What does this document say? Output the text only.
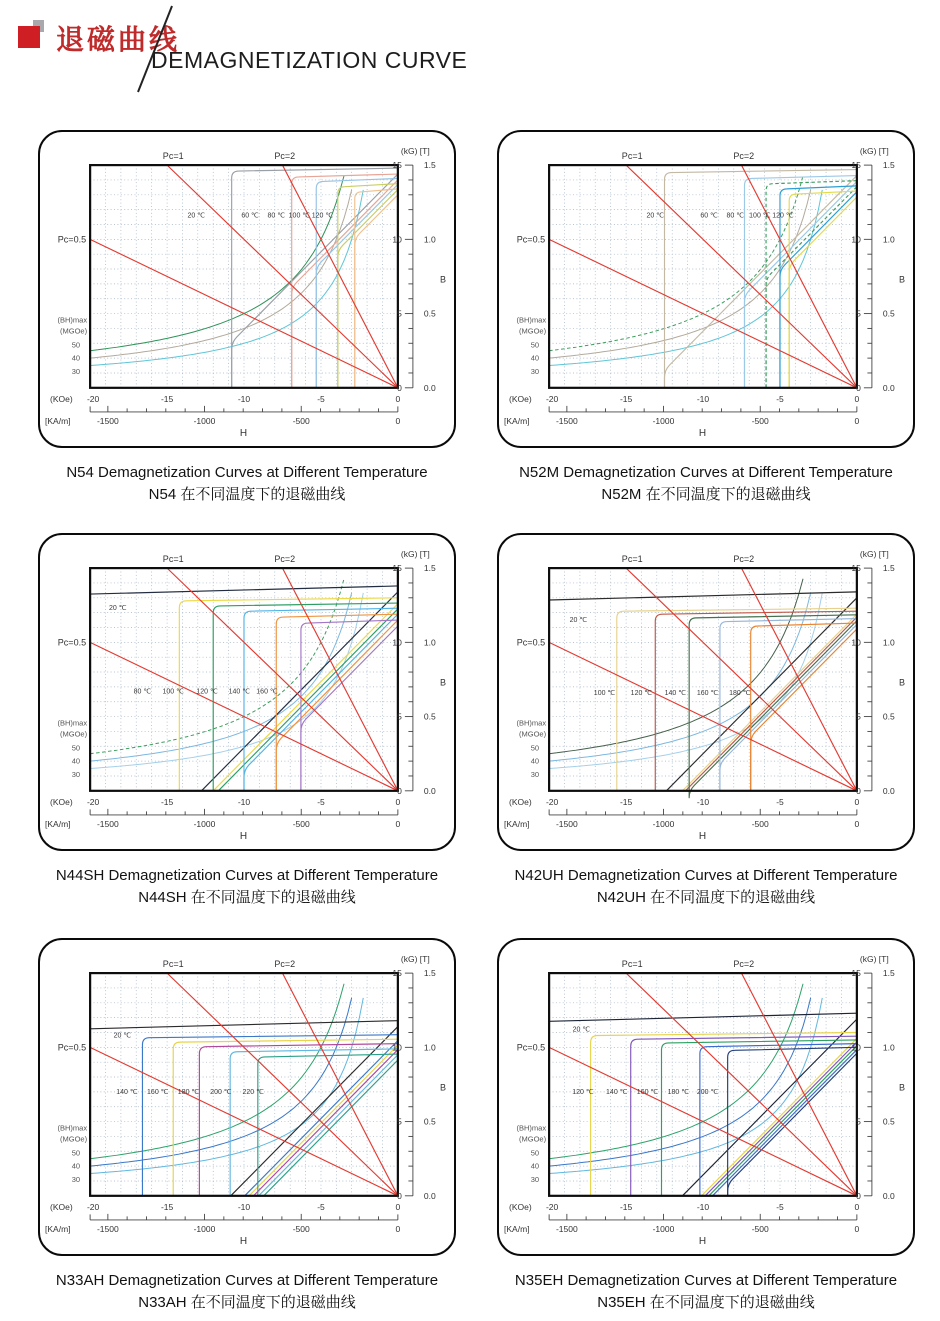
退磁曲线
DEMAGNETIZATION CURVE
0	0.0
5	0.5
10	1.0
15	1.5
B
(kG) [T]
Pc=1	Pc=2
Pc=0.5
(BH)max
(MGOe)
50
40
30
(KOe) -20	-15	-10	-5	0
[KA/m]	-1500	-1000	-500	0
H
20 ℃	60 ℃ 80 ℃ 100 ℃ 120 ℃
N54 Demagnetization Curves at Different Temperature
N54 在不同温度下的退磁曲线
0	0.0
5	0.5
10	1.0
15	1.5
B
(kG) [T]
Pc=1	Pc=2
Pc=0.5
(BH)max
(MGOe)
50
40
30
(KOe) -20	-15	-10	-5	0
[KA/m]	-1500	-1000	-500	0
H
20 ℃	60 ℃ 80 ℃ 100 ℃ 120 ℃
N52M Demagnetization Curves at Different Temperature
N52M 在不同温度下的退磁曲线
0	0.0
5	0.5
10	1.0
15	1.5
B
(kG) [T]
Pc=1	Pc=2
Pc=0.5
(BH)max
(MGOe)
50
40
30
(KOe) -20	-15	-10	-5	0
[KA/m]	-1500	-1000	-500	0
H
20 ℃
80 ℃ 100 ℃ 120 ℃ 140 ℃ 160 ℃
N44SH Demagnetization Curves at Different Temperature
N44SH 在不同温度下的退磁曲线
0	0.0
5	0.5
10	1.0
15	1.5
B
(kG) [T]
Pc=1	Pc=2
Pc=0.5
(BH)max
(MGOe)
50
40
30
(KOe) -20	-15	-10	-5	0
[KA/m]	-1500	-1000	-500	0
H
20 ℃
100 ℃ 120 ℃ 140 ℃ 160 ℃ 180 ℃
N42UH Demagnetization Curves at Different Temperature
N42UH 在不同温度下的退磁曲线
0	0.0
5	0.5
10	1.0
15	1.5
B
(kG) [T]
Pc=1	Pc=2
Pc=0.5
(BH)max
(MGOe)
50
40
30
(KOe) -20	-15	-10	-5	0
[KA/m]	-1500	-1000	-500	0
H
20 ℃
140 ℃ 160 ℃ 180 ℃ 200 ℃ 220 ℃
N33AH Demagnetization Curves at Different Temperature
N33AH 在不同温度下的退磁曲线
0	0.0
5	0.5
10	1.0
15	1.5
B
(kG) [T]
Pc=1	Pc=2
Pc=0.5
(BH)max
(MGOe)
50
40
30
(KOe) -20	-15	-10	-5	0
[KA/m]	-1500	-1000	-500	0
H
20 ℃
120 ℃ 140 ℃ 160 ℃ 180 ℃ 200 ℃
N35EH Demagnetization Curves at Different Temperature
N35EH 在不同温度下的退磁曲线
